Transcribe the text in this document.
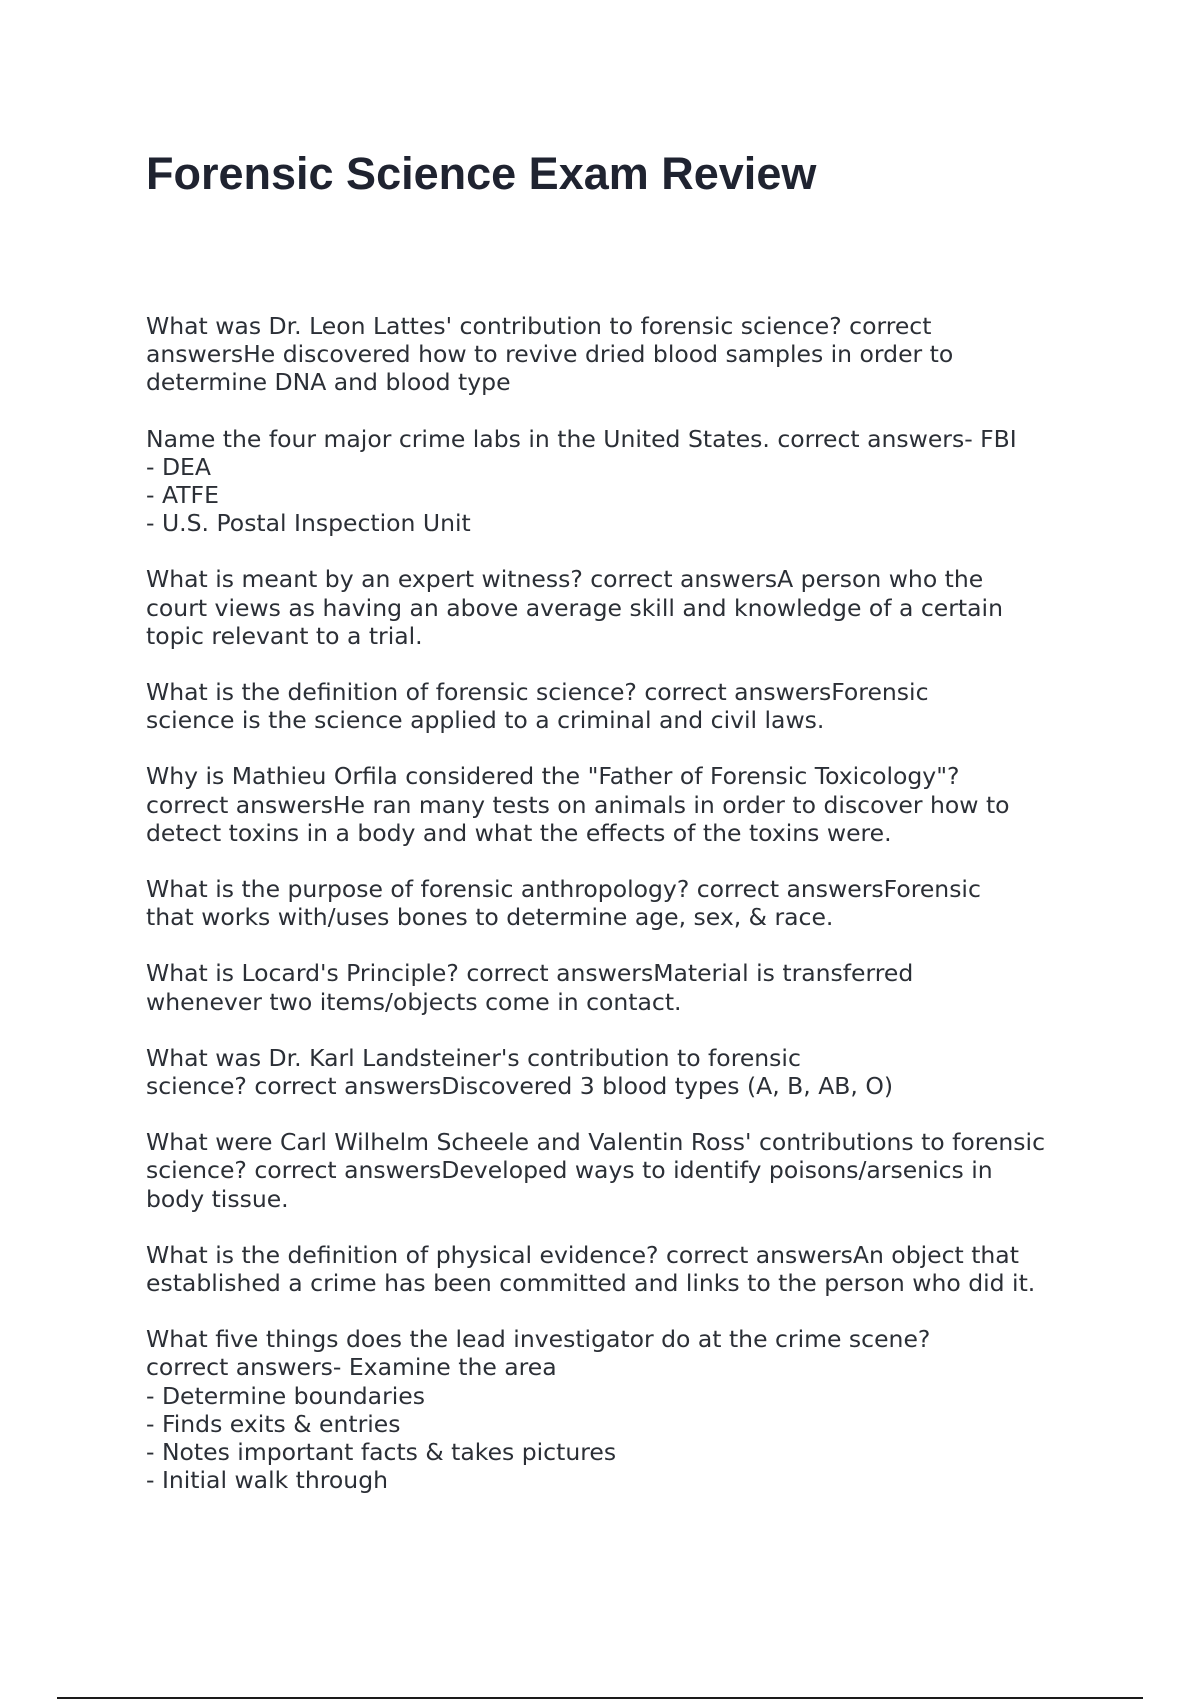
Forensic Science Exam Review
What was Dr. Leon Lattes' contribution to forensic science? correct
answersHe discovered how to revive dried blood samples in order to
determine DNA and blood type
Name the four major crime labs in the United States. correct answers- FBI
- DEA
- ATFE
- U.S. Postal Inspection Unit
What is meant by an expert witness? correct answersA person who the
court views as having an above average skill and knowledge of a certain
topic relevant to a trial.
What is the definition of forensic science? correct answersForensic
science is the science applied to a criminal and civil laws.
Why is Mathieu Orfila considered the "Father of Forensic Toxicology"?
correct answersHe ran many tests on animals in order to discover how to
detect toxins in a body and what the effects of the toxins were.
What is the purpose of forensic anthropology? correct answersForensic
that works with/uses bones to determine age, sex, & race.
What is Locard's Principle? correct answersMaterial is transferred
whenever two items/objects come in contact.
What was Dr. Karl Landsteiner's contribution to forensic
science? correct answersDiscovered 3 blood types (A, B, AB, O)
What were Carl Wilhelm Scheele and Valentin Ross' contributions to forensic
science? correct answersDeveloped ways to identify poisons/arsenics in
body tissue.
What is the definition of physical evidence? correct answersAn object that
established a crime has been committed and links to the person who did it.
What five things does the lead investigator do at the crime scene?
correct answers- Examine the area
- Determine boundaries
- Finds exits & entries
- Notes important facts & takes pictures
- Initial walk through
